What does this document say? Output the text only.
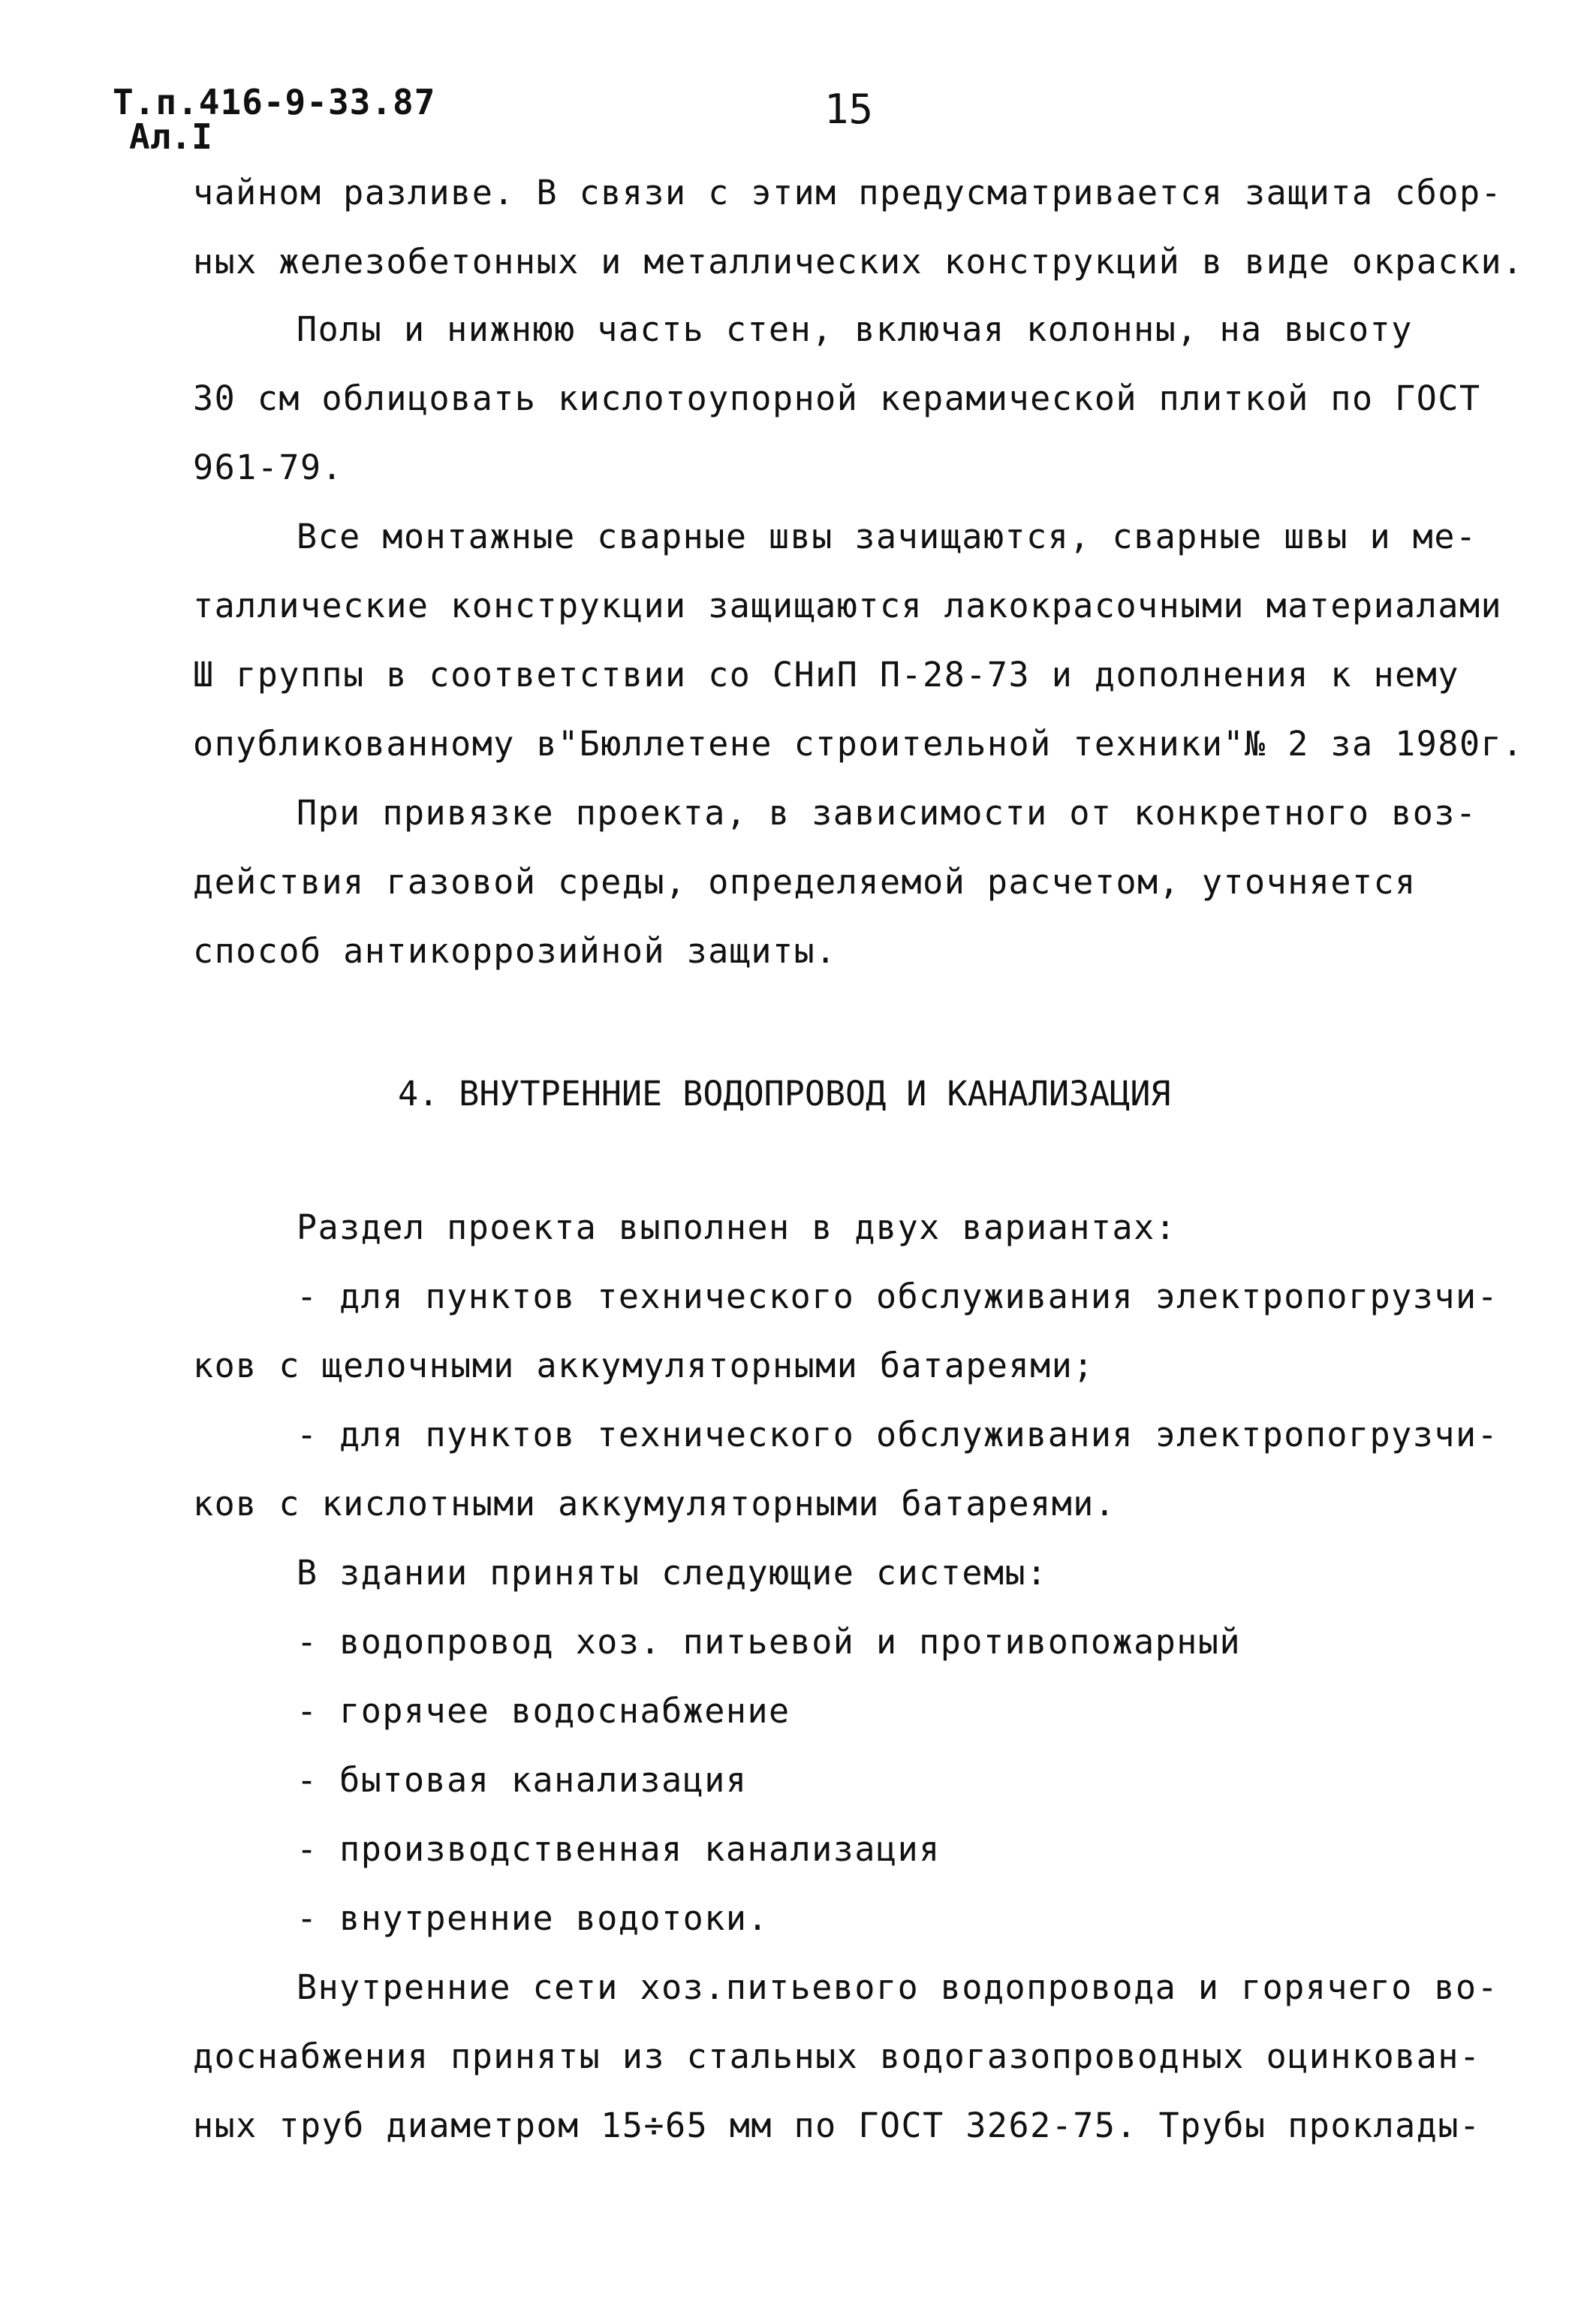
Т.п.416-9-33.87
Ал.I
15
чайном разливе. В связи с этим предусматривается защита сбор-
ных железобетонных и металлических конструкций в виде окраски.
Полы и нижнюю часть стен, включая колонны, на высоту
30 см облицовать кислотоупорной керамической плиткой по ГОСТ
961-79.
Все монтажные сварные швы зачищаются, сварные швы и ме-
таллические конструкции защищаются лакокрасочными материалами
Ш группы в соответствии со СНиП П-28-73 и дополнения к нему
опубликованному в"Бюллетене строительной техники"№ 2 за 1980г.
При привязке проекта, в зависимости от конкретного воз-
действия газовой среды, определяемой расчетом, уточняется
способ антикоррозийной защиты.
4. ВНУТРЕННИЕ ВОДОПРОВОД И КАНАЛИЗАЦИЯ
Раздел проекта выполнен в двух вариантах:
- для пунктов технического обслуживания электропогрузчи-
ков с щелочными аккумуляторными батареями;
- для пунктов технического обслуживания электропогрузчи-
ков с кислотными аккумуляторными батареями.
В здании приняты следующие системы:
- водопровод хоз. питьевой и противопожарный
- горячее водоснабжение
- бытовая канализация
- производственная канализация
- внутренние водотоки.
Внутренние сети хоз.питьевого водопровода и горячего во-
доснабжения приняты из стальных водогазопроводных оцинкован-
ных труб диаметром 15÷65 мм по ГОСТ 3262-75. Трубы проклады-
